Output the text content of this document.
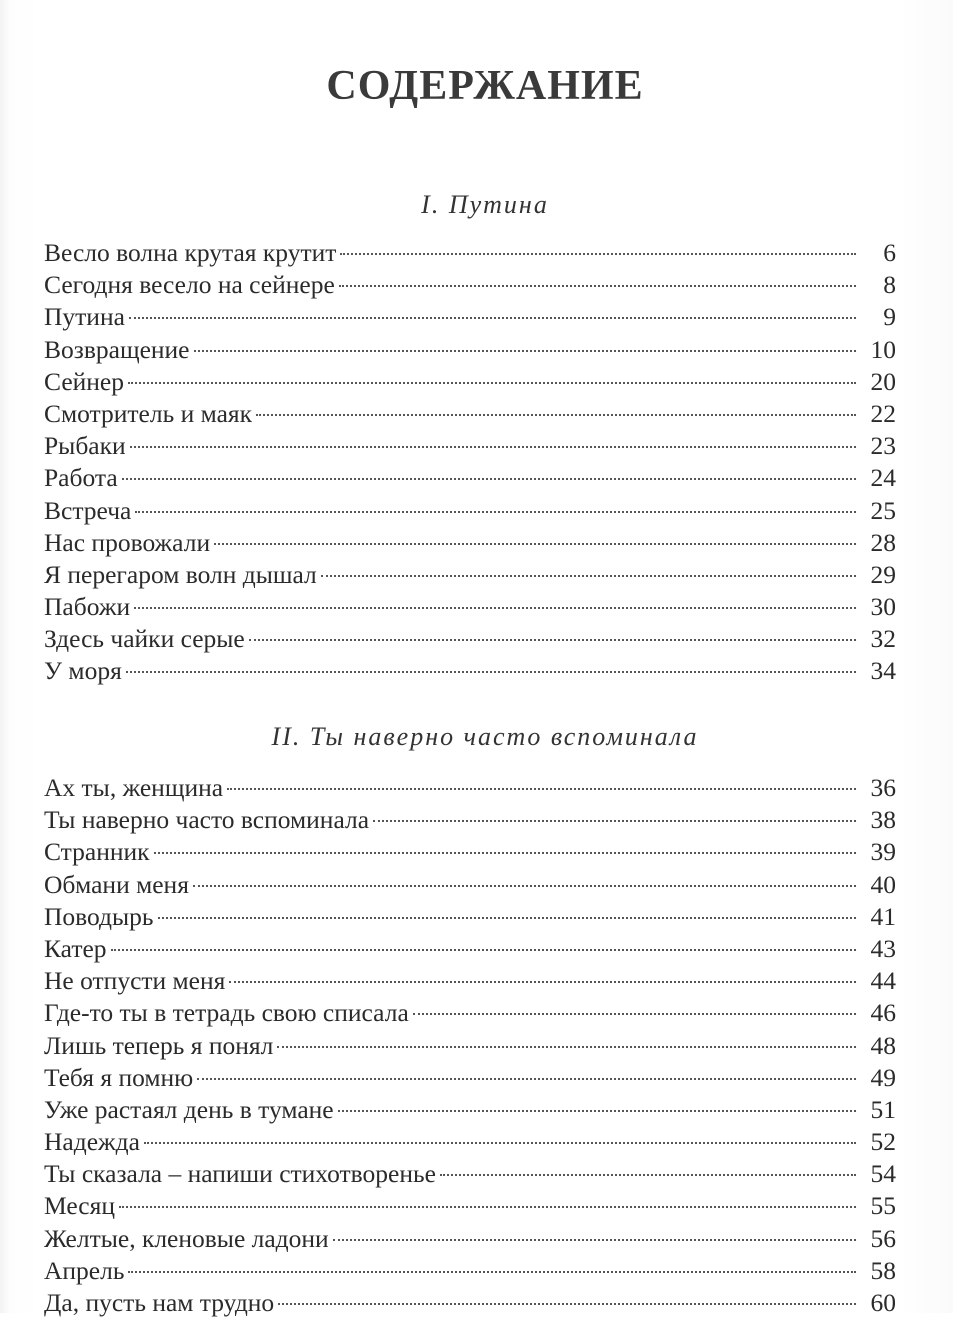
СОДЕРЖАНИЕ
I. Путина
Весло волна крутая крутит	6
Сегодня весело на сейнере	8
Путина	9
Возвращение	10
Сейнер	20
Смотритель и маяк	22
Рыбаки	23
Работа	24
Встреча	25
Нас провожали	28
Я перегаром волн дышал	29
Пабожи	30
Здесь чайки серые	32
У моря	34
II. Ты наверно часто вспоминала
Ах ты, женщина	36
Ты наверно часто вспоминала	38
Странник	39
Обмани меня	40
Поводырь	41
Катер	43
Не отпусти меня	44
Где-то ты в тетрадь свою списала	46
Лишь теперь я понял	48
Тебя я помню	49
Уже растаял день в тумане	51
Надежда	52
Ты сказала – напиши стихотворенье	54
Месяц	55
Желтые, кленовые ладони	56
Апрель	58
Да, пусть нам трудно	60
